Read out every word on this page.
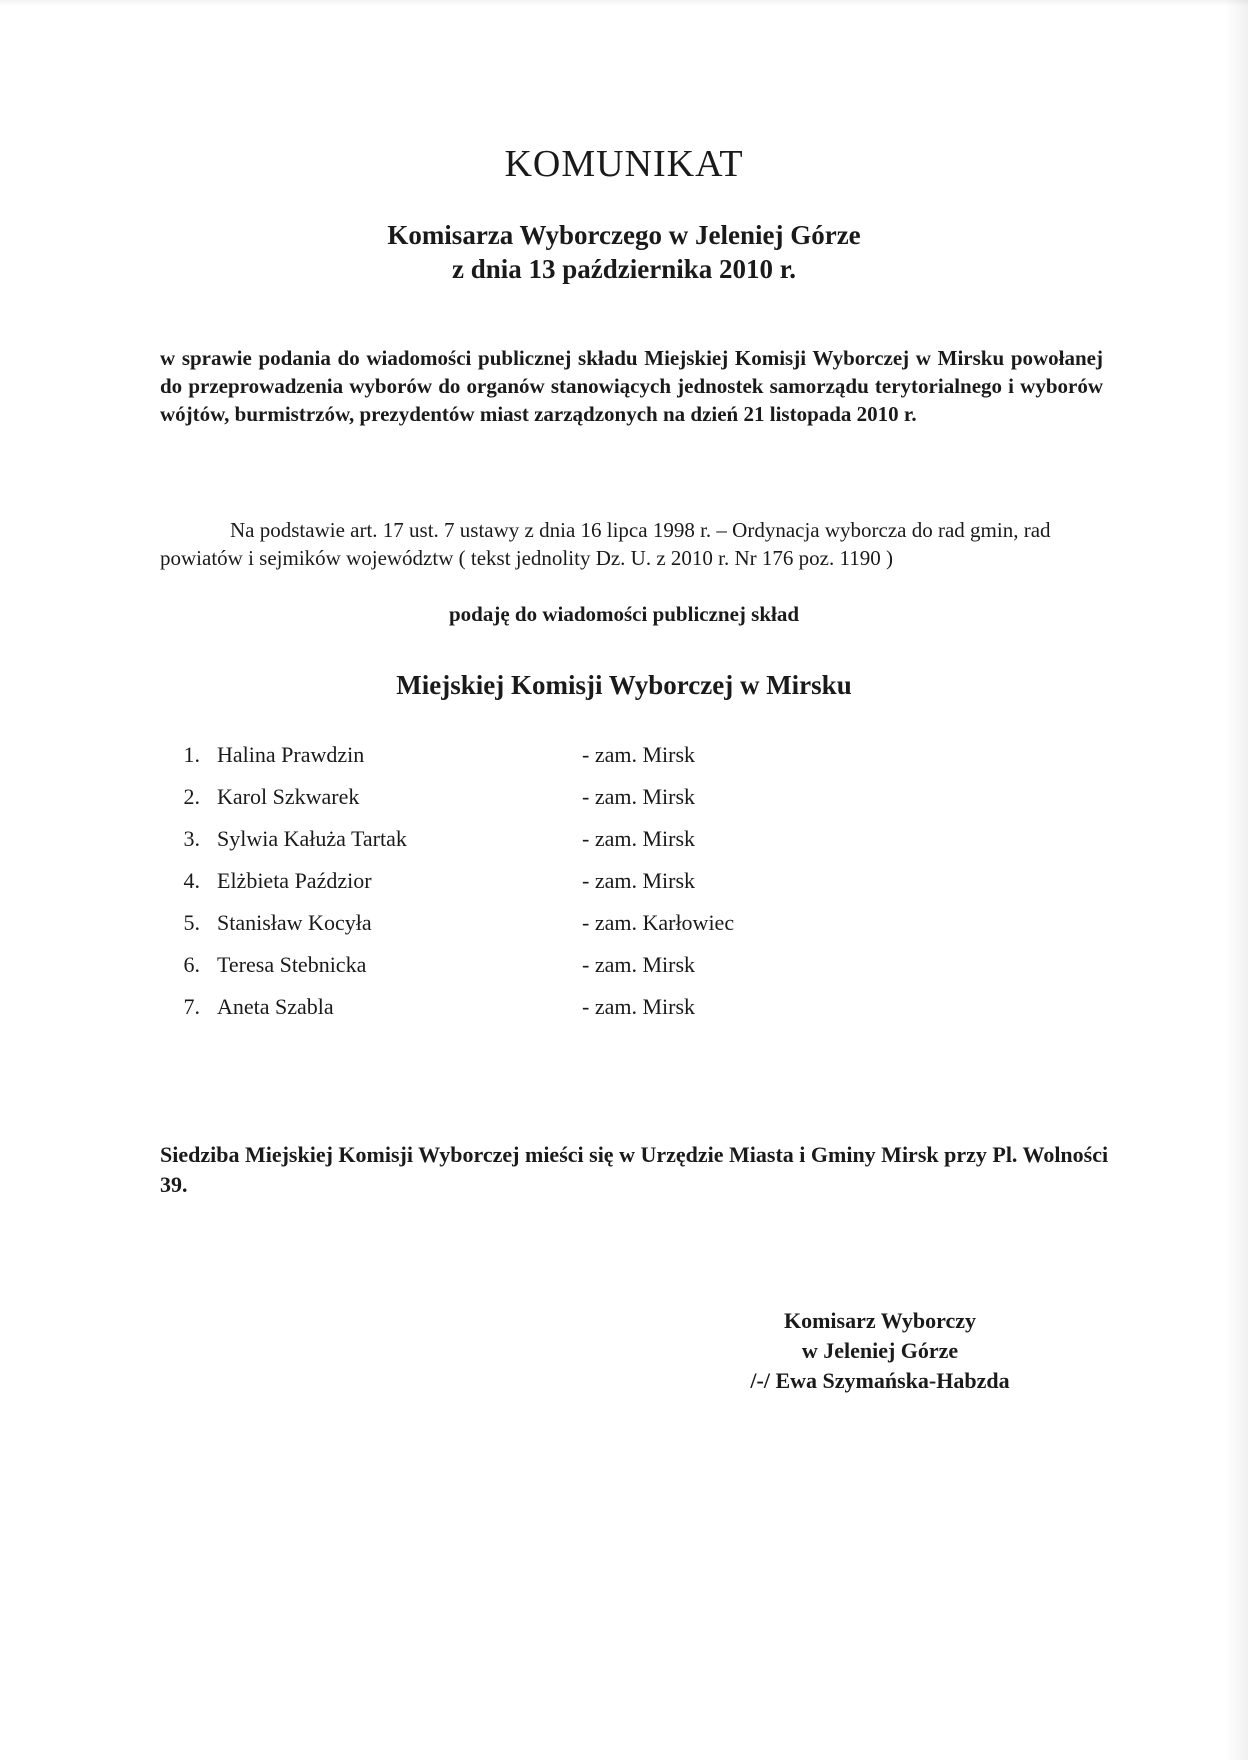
KOMUNIKAT
Komisarza Wyborczego w Jeleniej Górze
z dnia 13 października 2010 r.
w sprawie podania do wiadomości publicznej składu Miejskiej Komisji Wyborczej w Mirsku powołanej do przeprowadzenia wyborów do organów stanowiących jednostek samorządu terytorialnego i wyborów wójtów, burmistrzów, prezydentów miast zarządzonych na dzień 21 listopada 2010 r.
Na podstawie art. 17 ust. 7 ustawy z dnia 16 lipca 1998 r. – Ordynacja wyborcza do rad gmin, rad powiatów i sejmików województw ( tekst jednolity Dz. U. z 2010 r. Nr 176 poz. 1190 )
podaję do wiadomości publicznej skład
Miejskiej Komisji Wyborczej w Mirsku
1. Halina Prawdzin	- zam. Mirsk
2. Karol Szkwarek	- zam. Mirsk
3. Sylwia Kałuża Tartak	- zam. Mirsk
4. Elżbieta Paździor	- zam. Mirsk
5. Stanisław Kocyła	- zam. Karłowiec
6. Teresa Stebnicka	- zam. Mirsk
7. Aneta Szabla	- zam. Mirsk
Siedziba Miejskiej Komisji Wyborczej mieści się w Urzędzie Miasta i Gminy Mirsk przy Pl. Wolności 39.
Komisarz Wyborczy
w Jeleniej Górze
/-/ Ewa Szymańska-Habzda
